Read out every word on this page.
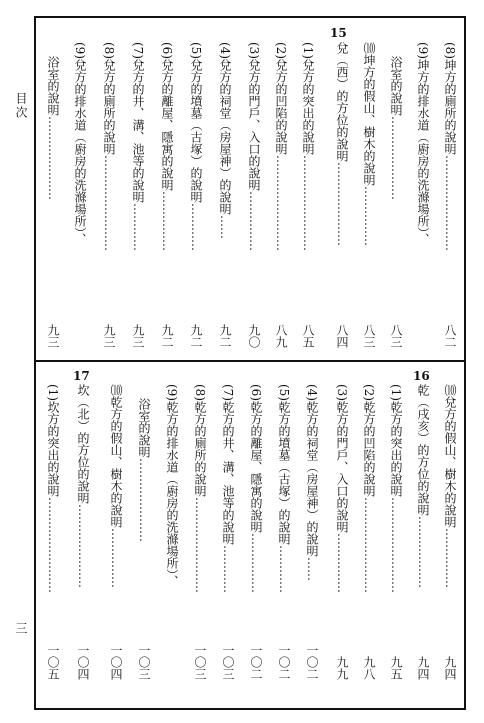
目次
三
15
16
17
(8)坤方的廁所的說明……………………
八二
(9)坤方的排水道（廚房的洗滌場所）、
浴室的說明…………………
八三
⑽坤方的假山、樹木的說明……………
八三
兌（西）的方位的說明…………………
八四
(1)兌方的突出的說明……………………
八五
(2)兌方的凹陷的說明……………………
八九
(3)兌方的門戶、入口的說明……………
九〇
(4)兌方的祠堂（房屋神）的說明……
九二
(5)兌方的墳墓（古塚）的說明…………
九二
(6)兌方的離屋、隱寓的說明……………
九二
(7)兌方的井、溝、池等的說明…………
九三
(8)兌方的廁所的說明……………………
九三
(9)兌方的排水道（廚房的洗滌場所）、
浴室的說明…………………
九三
⑽兌方的假山、樹木的說明……………
九四
乾（戌亥）的方位的說明………………
九四
(1)乾方的突出的說明……………………
九五
(2)乾方的凹陷的說明……………………
九八
(3)乾方的門戶、入口的說明……………
九九
(4)乾方的祠堂（房屋神）的說明……
一〇二
(5)乾方的墳墓（古塚）的說明…………
一〇二
(6)乾方的離屋、隱寓的說明……………
一〇二
(7)乾方的井、溝、池等的說明…………
一〇三
(8)乾方的廁所的說明……………………
一〇三
(9)乾方的排水道（廚房的洗滌場所）、
浴室的說明…………………
一〇三
⑽乾方的假山、樹木的說明……………
一〇四
坎（北）的方位的說明…………………
一〇四
(1)坎方的突出的說明……………………
一〇五
